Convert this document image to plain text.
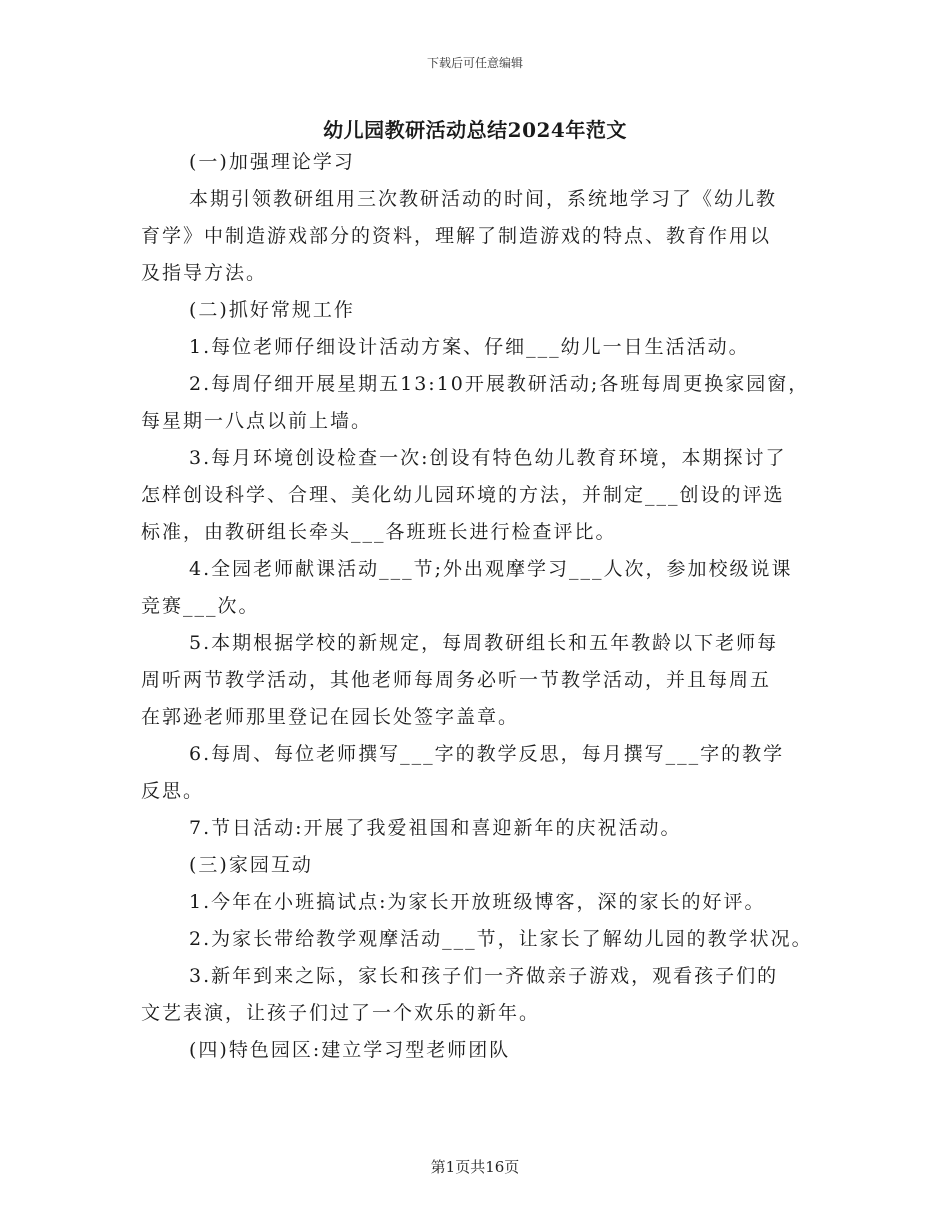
下载后可任意编辑
幼儿园教研活动总结2024年范文

(一)加强理论学习

本期引领教研组用三次教研活动的时间，系统地学习了《幼儿教
育学》中制造游戏部分的资料，理解了制造游戏的特点、教育作用以
及指导方法。

(二)抓好常规工作

1.每位老师仔细设计活动方案、仔细___幼儿一日生活活动。

2.每周仔细开展星期五13:10开展教研活动;各班每周更换家园窗，
每星期一八点以前上墙。

3.每月环境创设检查一次:创设有特色幼儿教育环境，本期探讨了
怎样创设科学、合理、美化幼儿园环境的方法，并制定___创设的评选
标准，由教研组长牵头___各班班长进行检查评比。

4.全园老师献课活动___节;外出观摩学习___人次，参加校级说课
竞赛___次。

5.本期根据学校的新规定，每周教研组长和五年教龄以下老师每
周听两节教学活动，其他老师每周务必听一节教学活动，并且每周五
在郭逊老师那里登记在园长处签字盖章。

6.每周、每位老师撰写___字的教学反思，每月撰写___字的教学
反思。

7.节日活动:开展了我爱祖国和喜迎新年的庆祝活动。

(三)家园互动

1.今年在小班搞试点:为家长开放班级博客，深的家长的好评。

2.为家长带给教学观摩活动___节，让家长了解幼儿园的教学状况。

3.新年到来之际，家长和孩子们一齐做亲子游戏，观看孩子们的
文艺表演，让孩子们过了一个欢乐的新年。

(四)特色园区:建立学习型老师团队

第1页共16页
